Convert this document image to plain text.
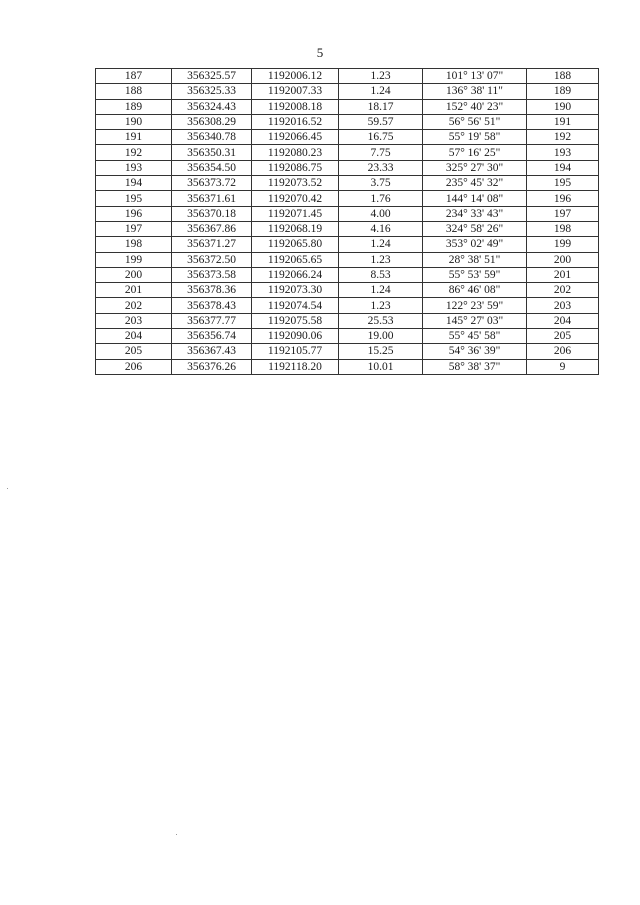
5
187	356325.57	1192006.12	1.23	101° 13' 07"	188
188	356325.33	1192007.33	1.24	136° 38' 11"	189
189	356324.43	1192008.18	18.17	152° 40' 23"	190
190	356308.29	1192016.52	59.57	56° 56' 51"	191
191	356340.78	1192066.45	16.75	55° 19' 58"	192
192	356350.31	1192080.23	7.75	57° 16' 25"	193
193	356354.50	1192086.75	23.33	325° 27' 30"	194
194	356373.72	1192073.52	3.75	235° 45' 32"	195
195	356371.61	1192070.42	1.76	144° 14' 08"	196
196	356370.18	1192071.45	4.00	234° 33' 43"	197
197	356367.86	1192068.19	4.16	324° 58' 26"	198
198	356371.27	1192065.80	1.24	353° 02' 49"	199
199	356372.50	1192065.65	1.23	28° 38' 51"	200
200	356373.58	1192066.24	8.53	55° 53' 59"	201
201	356378.36	1192073.30	1.24	86° 46' 08"	202
202	356378.43	1192074.54	1.23	122° 23' 59"	203
203	356377.77	1192075.58	25.53	145° 27' 03"	204
204	356356.74	1192090.06	19.00	55° 45' 58"	205
205	356367.43	1192105.77	15.25	54° 36' 39"	206
206	356376.26	1192118.20	10.01	58° 38' 37"	9
